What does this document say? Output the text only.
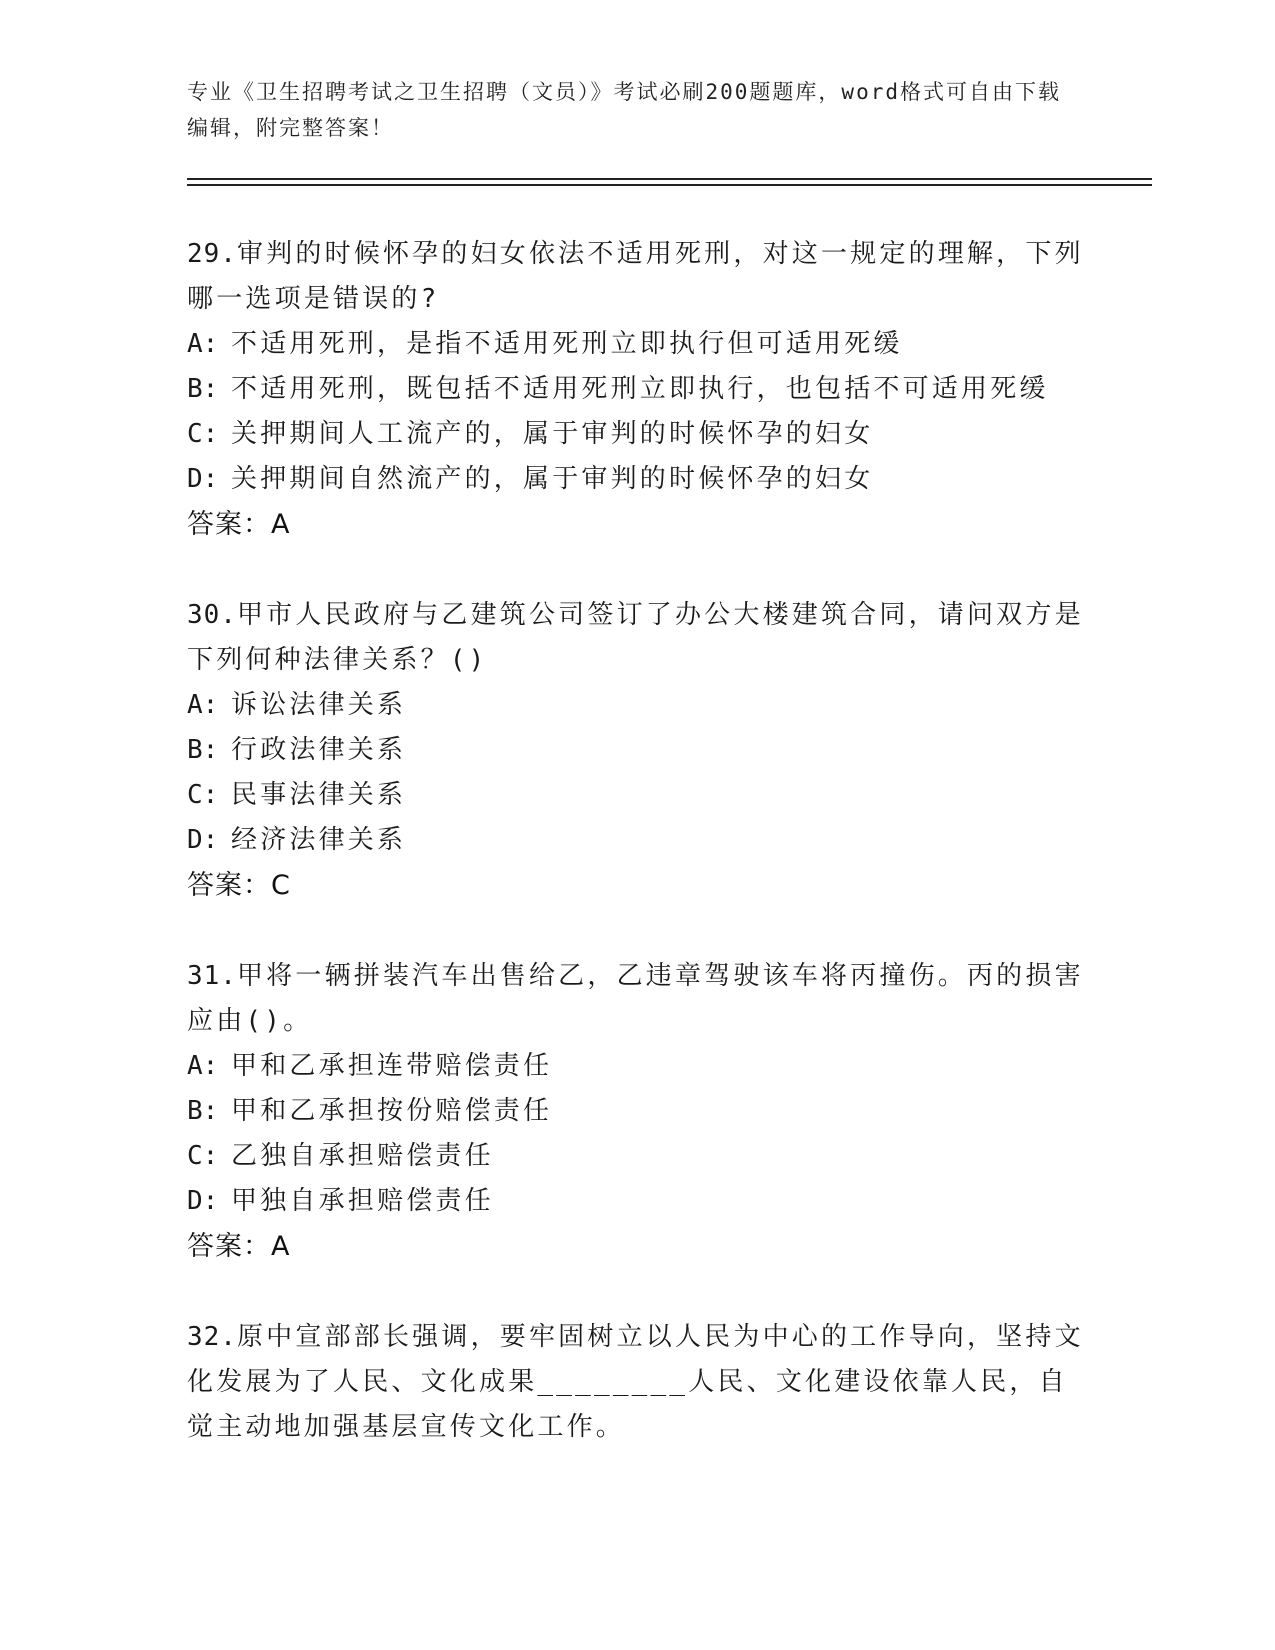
专业《卫生招聘考试之卫生招聘（文员）》考试必刷200题题库，word格式可自由下载编辑，附完整答案！
29.审判的时候怀孕的妇女依法不适用死刑，对这一规定的理解，下列哪一选项是错误的?
A: 不适用死刑，是指不适用死刑立即执行但可适用死缓
B: 不适用死刑，既包括不适用死刑立即执行，也包括不可适用死缓
C: 关押期间人工流产的，属于审判的时候怀孕的妇女
D: 关押期间自然流产的，属于审判的时候怀孕的妇女
答案：A
30.甲市人民政府与乙建筑公司签订了办公大楼建筑合同，请问双方是下列何种法律关系？()
A: 诉讼法律关系
B: 行政法律关系
C: 民事法律关系
D: 经济法律关系
答案：C
31.甲将一辆拼装汽车出售给乙，乙违章驾驶该车将丙撞伤。丙的损害应由()。
A: 甲和乙承担连带赔偿责任
B: 甲和乙承担按份赔偿责任
C: 乙独自承担赔偿责任
D: 甲独自承担赔偿责任
答案：A
32.原中宣部部长强调，要牢固树立以人民为中心的工作导向，坚持文化发展为了人民、文化成果________人民、文化建设依靠人民，自觉主动地加强基层宣传文化工作。
